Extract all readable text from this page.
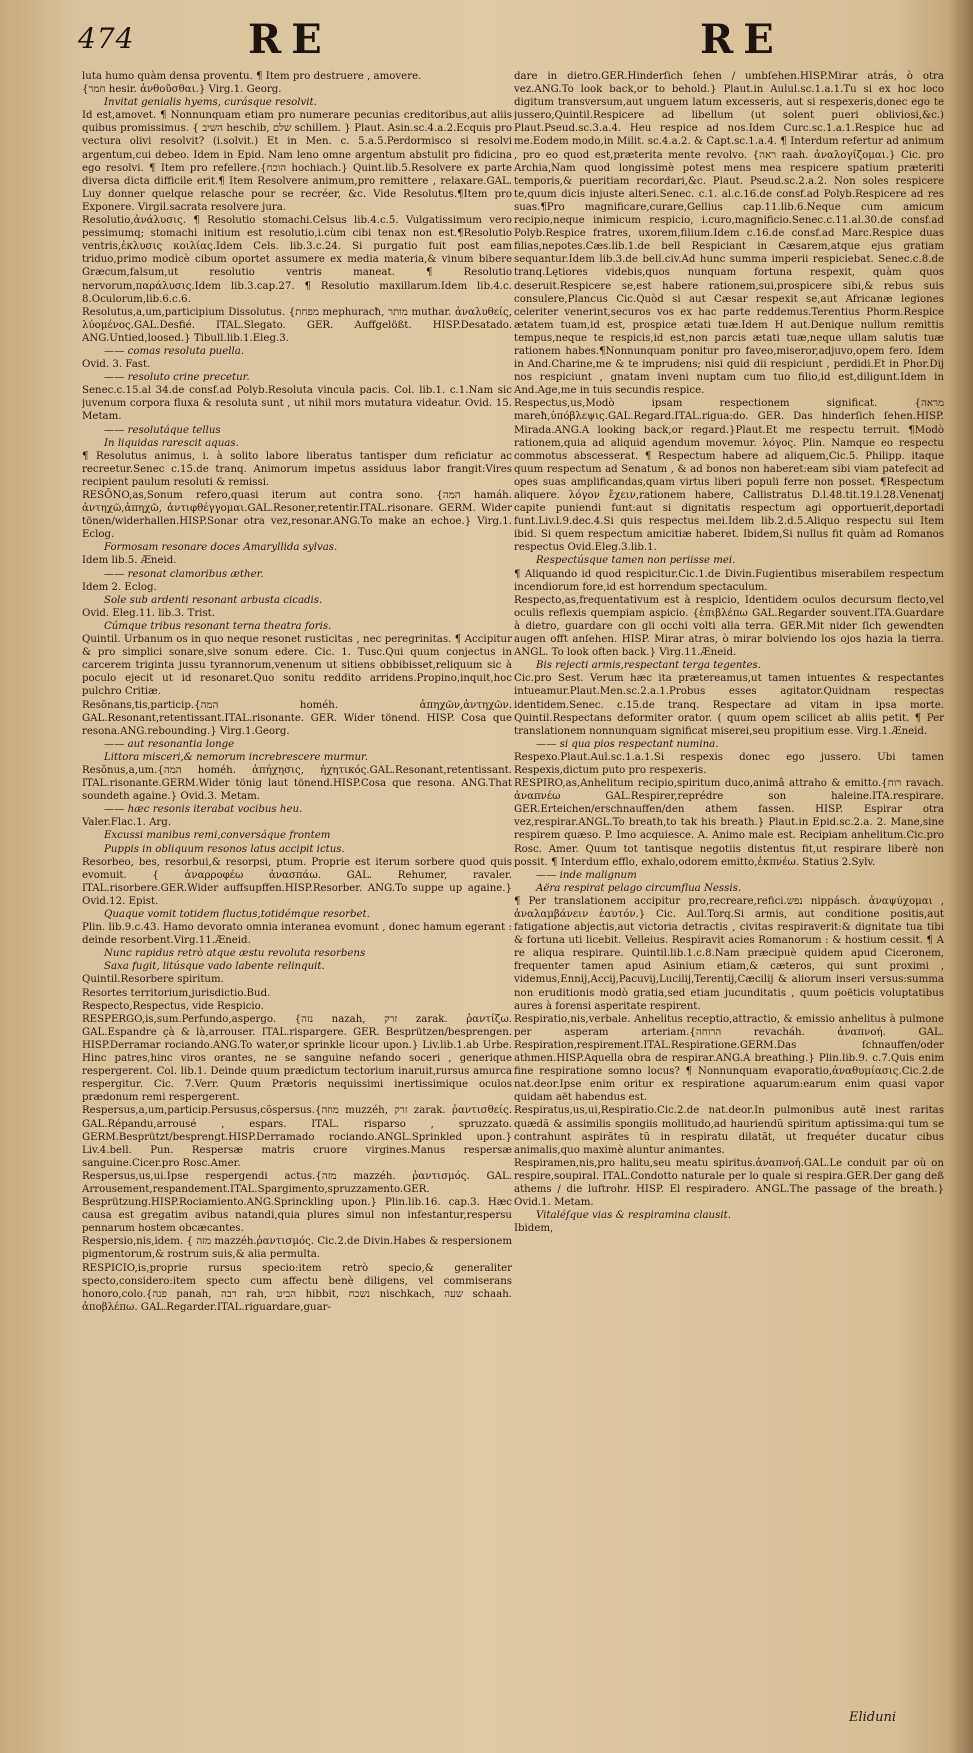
474	RE	RE

luta humo quàm densa proventu. ¶ Item pro destruere , amovere.

{חמר hesir. ἀνθοῦσθαι.} Virg.1. Georg.

Invitat genialis hyems, curásque resolvit.

Id est,amovet. ¶ Nonnunquam etiam pro numerare pecunias creditoribus,aut aliis quibus promissimus. { השיב heschib, שלם schillem. } Plaut. Asin.sc.4.a.2.Ecquis pro vectura olivi resolvit? (i.solvit.) Et in Men. c. 5.a.5.Perdormisco si resolvi argentum,cui debeo. Idem in Epid. Nam leno omne argentum abstulit pro fidicina ego resolvi. ¶ Item pro refellere.{הוכח hochiach.} Quint.lib.5.Resolvere ex parte diversa dicta difficile erit.¶ Item Resolvere animum,pro remittere , relaxare.GAL. Luy donner quelque relasche pour se recréer, &c. Vide Resolutus.¶Item pro Exponere. Virgil.sacrata resolvere jura.

Resolutio,ἀνάλυσις. ¶ Resolutio stomachi.Celsus lib.4.c.5. Vulgatissimum vero pessimumq; stomachi initium est resolutio,i.cùm cibi tenax non est.¶Resolutio ventris,ἐκλυσις κοιλίας.Idem Cels. lib.3.c.24. Si purgatio fuit post eam triduo,primo modicè cibum oportet assumere ex media materia,& vinum bibere Græcum,falsum,ut resolutio ventris maneat. ¶ Resolutio nervorum,παράλυσις.Idem lib.3.cap.27. ¶ Resolutio maxillarum.Idem lib.4.c. 8.Oculorum,lib.6.c.6.

Resolutus,a,um,participium Dissolutus. {מפחת mephuracħ, מותר muthar. ἀναλυθείς, λύομένος.GAL.Desfié. ITAL.Slegato. GER. Auffgelößt. HISP.Desatado. ANG.Untied,loosed.} Tibull.lib.1.Eleg.3.

—— comas resoluta puella.

Ovid. 3. Fast.

—— resoluto crine precetur.

Senec.c.15.al 34.de consf.ad Polyb.Resoluta vincula pacis. Col. lib.1. c.1.Nam sic juvenum corpora fluxa & resoluta sunt , ut nihil mors mutatura videatur. Ovid. 15. Metam.

—— resolutáque tellus

In liquidas rarescit aquas.

¶ Resolutus animus, i. à solito labore liberatus tantisper dum reficiatur ac recreetur.Senec c.15.de tranq. Animorum impetus assiduus labor frangit:Vires recipient paulum resoluti & remissi.

RESŌNO,as,Sonum refero,quasi iterum aut contra sono. {המה hamáh. ἀντηχῶ,ἀπηχῶ, ἀντιφθέγγομαι.GAL.Resoner,retentir.ITAL.risonare. GERM. Wider tönen/widerhallen.HISP.Sonar otra vez,resonar.ANG.To make an echoe.} Virg.1. Eclog.

Formosam resonare doces Amaryllida sylvas.

Idem lib.5. Æneid.

—— resonat clamoribus æther.

Idem 2. Eclog.

Sole sub ardenti resonant arbusta cicadis.

Ovid. Eleg.11. lib.3. Trist.

Cúmque tribus resonant terna theatra foris.

Quintil. Urbanum os in quo neque resonet rusticitas , nec peregrinitas. ¶ Accipitur & pro simplici sonare,sive sonum edere. Cic. 1. Tusc.Qui quum conjectus in carcerem triginta jussu tyrannorum,venenum ut sitiens obbibisset,reliquum sic à poculo ejecit ut id resonaret.Quo sonitu reddito arridens.Propino,inquit,hoc pulchro Critiæ.

Resŏnans,tis,particip.{המה homéh. ἀπηχῶν,ἀντηχῶν. GAL.Resonant,retentissant.ITAL.risonante. GER. Wider tönend. HISP. Cosa que resona.ANG.rebounding.} Virg.1.Georg.

—— aut resonantia longe

Littora misceri,& nemorum increbrescere murmur.

Resŏnus,a,um.{המה homéh. ἀπήχησις, ἠχητικός.GAL.Resonant,retentissant. ITAL.risonante.GERM.Wider tönig laut tönend.HISP.Cosa que resona. ANG.That soundeth againe.} Ovid.3. Metam.

—— hæc resonis iterabat vocibus heu.

Valer.Flac.1. Arg.

Excussi manibus remi,conversáque frontem

Puppis in obliquum resonos latus accipit ictus.

Resorbeo, bes, resorbui,& resorpsi, ptum. Proprie est iterum sorbere quod quis evomuit. { ἀναρροφέω ἀνασπάω. GAL. Rehumer, ravaler. ITAL.risorbere.GER.Wider auffsupffen.HISP.Resorber. ANG.To suppe up againe.} Ovid.12. Epist.

Quaque vomit totidem fluctus,totidémque resorbet.

Plin. lib.9.c.43. Hamo devorato omnia interanea evomunt , donec hamum egerant : deinde resorbent.Virg.11.Æneid.

Nunc rapidus retrò atque æstu revoluta resorbens

Saxa fugit, litúsque vado labente relinquit.

Quintil.Resorbere spiritum.

Resortes territorium,jurisdictio.Bud.

Respecto,Respectus, vide Respicio.

RESPERGO,is,sum.Perfundo,aspergo. {נזה nazah, זרק zarak. ῥαντίζω. GAL.Espandre çà & là,arrouser. ITAL.rispargere. GER. Besprützen/besprengen. HISP.Derramar rociando.ANG.To water,or sprinkle licour upon.} Liv.lib.1.ab Urbe. Hinc patres,hinc viros orantes, ne se sanguine nefando soceri , generique respergerent. Col. lib.1. Deinde quum prædictum tectorium inaruit,rursus amurca respergitur. Cic. 7.Verr. Quum Prætoris nequissimi inertissimique oculos prædonum remi respergerent.

Respersus,a,um,particip.Persusus,cõspersus.{מוזה muzzéh, זרק zarak. ῥαντισθείς. GAL.Répandu,arrousé , espars. ITAL. risparso , spruzzato. GERM.Besprützt/besprengt.HISP.Derramado rociando.ANGL.Sprinkled upon.} Liv.4.bell. Pun. Respersæ matris cruore virgines.Manus respersæ sanguine.Cicer.pro Rosc.Amer.

Respersus,us,ui.Ipse respergendi actus.{מזה mazzéh. ῥαντισμός. GAL. Arrousement,respandement.ITAL.Spargimento,spruzzamento.GER. Besprützung.HISP.Rociamiento.ANG.Sprinckling upon.} Plin.lib.16. cap.3. Hæc causa est gregatim avibus natandi,quia plures simul non infestantur,respersu pennarum hostem obcæcantes.

Respersio,nis,idem. { מזה mazzéh.ῥαντισμός. Cic.2.de Divin.Habes & respersionem pigmentorum,& rostrum suis,& alia permulta.

RESPICIO,is,proprie rursus specio:item retrò specio,& generaliter specto,considero:item specto cum affectu benè diligens, vel commiserans honoro,colo.{פנה panah, רבה rah, הביט hibbit, נשכח nischkach, שעה schaah. ἀποβλέπω. GAL.Regarder.ITAL.riguardare,guar-

dare in dietro.GER.Hinderſich ſehen / umbſehen.HISP.Mirar atrás, ò otra vez.ANG.To look back,or to behold.} Plaut.in Aulul.sc.1.a.1.Tu si ex hoc loco digitum transversum,aut unguem latum excesseris, aut si respexeris,donec ego te jussero,Quintil.Respicere ad libellum (ut solent pueri obliviosi,&c.) Plaut.Pseud.sc.3.a.4. Heu respice ad nos.Idem Curc.sc.1.a.1.Respice huc ad me.Eodem modo,in Milit. sc.4.a.2. & Capt.sc.1.a.4. ¶ Interdum refertur ad animum , pro eo quod est,præterita mente revolvo. {ראה raah. ἀναλογίζομαι.} Cic. pro Archia,Nam quod longissimè potest mens mea respicere spatium præteriti temporis,& pueritiam recordari,&c. Plaut. Pseud.sc.2.a.2. Non soles respicere te,quum dicis injuste alteri.Senec. c.1. al.c.16.de consf.ad Polyb.Respicere ad res suas.¶Pro magnificare,curare,Gellius cap.11.lib.6.Neque cum amicum recipio,neque inimicum respicio, i.curo,magnificio.Senec.c.11.al.30.de consf.ad Polyb.Respice fratres, uxorem,filium.Idem c.16.de consf.ad Marc.Respice duas filias,nepotes.Cæs.lib.1.de bell Respiciant in Cæsarem,atque ejus gratiam sequantur.Idem lib.3.de bell.civ.Ad hunc summa imperii respiciebat. Senec.c.8.de tranq.Lętiores videbis,quos nunquam fortuna respexit, quàm quos deseruit.Respicere se,est habere rationem,sui,prospicere sibi,& rebus suis consulere,Plancus Cic.Quòd si aut Cæsar respexit se,aut Africanæ legiones celeriter venerint,securos vos ex hac parte reddemus.Terentius Phorm.Respice ætatem tuam,id est, prospice ætati tuæ.Idem H aut.Denique nullum remittis tempus,neque te respicis,id est,non parcis ætati tuæ,neque ullam salutis tuæ rationem habes.¶Nonnunquam ponitur pro faveo,miseror,adjuvo,opem fero. Idem in And.Charine,me & te imprudens; nisi quid dii respiciunt , perdidi.Et in Phor.Dij nos respiciunt , gnatam inveni nuptam cum tuo filio,id est,diligunt.Idem in And.Age,me in tuis secundis respice.

Respectus,us,Modò ipsam respectionem significat. {מראה mareħ,ὑπόβλεψις.GAL.Regard.ITAL.rigua:do. GER. Das hinderſich ſehen.HISP. Mirada.ANG.A looking back,or regard.}Plaut.Et me respectu terruit. ¶Modò rationem,quia ad aliquid agendum movemur. λόγος. Plin. Namque eo respectu commotus abscesserat. ¶ Respectum habere ad aliquem,Cic.5. Philipp. itaque quum respectum ad Senatum , & ad bonos non haberet:eam sibi viam patefecit ad opes suas amplificandas,quam virtus liberi populi ferre non posset. ¶Respectum aliquere. λόγον ἔχειν,rationem habere, Callistratus D.l.48.tit.19.l.28.Venenatj capite puniendi funt:aut si dignitatis respectum agi opportuerit,deportadi funt.Liv.l.9.dec.4.Si quis respectus mei.Idem lib.2.d.5.Aliquo respectu sui Item ibid. Si quem respectum amicitiæ haberet. Ibidem,Si nullus fit quàm ad Romanos respectus Ovid.Eleg.3.lib.1.

Respectúsque tamen non periisse mei.

¶ Aliquando id quod respicitur.Cic.1.de Divin.Fugientibus miserabilem respectum incendiorum fore,id est horrendum spectaculum.

Respecto,as,frequentativum est à respicio, Identidem oculos decursum flecto,vel oculis reflexis quempiam aspicio. {ἐπιβλέπω GAL.Regarder souvent.ITA.Guardare à dietro, guardare con gli occhi volti alla terra. GER.Mit nider ſich gewendten augen offt anſehen. HISP. Mirar atras, ò mirar bolviendo los ojos hazia la tierra. ANGL. To look often back.} Virg.11.Æneid.

Bis rejecti armis,respectant terga tegentes.

Cic.pro Sest. Verum hæc ita prætereamus,ut tamen intuentes & respectantes intueamur.Plaut.Men.sc.2.a.1.Probus esses agitator.Quidnam respectas identidem.Senec. c.15.de tranq. Respectare ad vitam in ipsa morte. Quintil.Respectans deformiter orator. ( quum opem scilicet ab aliis petit. ¶ Per translationem nonnunquam significat miserei,seu propitium esse. Virg.1.Æneid.

—— si qua pios respectant numina.

Respexo.Plaut.Aul.sc.1.a.1.Si respexis donec ego jussero. Ubi tamen Respexis,dictum puto pro respexeris.

RESPIRO,as,Anhelitum recipio,spiritum duco,animâ attraho & emitto.{רוח ravach. ἀναπνέω GAL.Respirer,reprédre son haleine.ITA.respirare. GER.Erteichen/erschnauffen/den athem fassen. HISP. Espirar otra vez,respirar.ANGL.To breath,to tak his breath.} Plaut.in Epid.sc.2.a. 2. Mane,sine respirem quæso. P. Imo acquiesce. A. Animo male est. Recipiam anhelitum.Cic.pro Rosc. Amer. Quum tot tantisque negotiis distentus fit,ut respirare liberè non possit. ¶ Interdum efflo, exhalo,odorem emitto,ἐκπνέω. Statius 2.Sylv.

—— inde malignum

Aëra respirat pelago circumflua Nessis.

¶ Per translationem accipitur pro,recreare,refici.נפש nippásch. ἀναψύχομαι , ἀναλαμβάνειν ἑαυτόν.} Cic. Aul.Torq.Si armis, aut conditione positis,aut fatigatione abjectis,aut victoria detractis , civitas respiraverit:& dignitate tua tibi & fortuna uti licebit. Velleius. Respiravit acies Romanorum : & hostium cessit. ¶ A re aliqua respirare. Quintil.lib.1.c.8.Nam præcipuè quidem apud Ciceronem, frequenter tamen apud Asinium etiam,& cæteros, qui sunt proximi , videmus,Ennij,Accij,Pacuvij,Lucilij,Terentij,Cæcilij & aliorum inseri versus:summa non eruditionis modò gratia,sed etiam jucunditatis , quum poëticis voluptatibus aures à forensi asperitate respirent.

Respiratio,nis,verbale. Anhelitus receptio,attractio, & emissio anhelitus à pulmone per asperam arteriam.{הרוחה revacháh. ἀναπνοή. GAL. Respiration,respirement.ITAL.Respiratione.GERM.Das ſchnauffen/oder athmen.HISP.Aquella obra de respirar.ANG.A breathing.} Plin.lib.9. c.7.Quis enim fine respiratione somno locus? ¶ Nonnunquam evaporatio,ἀναθυμίασις.Cic.2.de nat.deor.Ipse enim oritur ex respiratione aquarum:earum enim quasi vapor quidam aët habendus est.

Respiratus,us,ui,Respiratio.Cic.2.de nat.deor.In pulmonibus autẽ inest raritas quædã & assimilis spongiis mollitudo,ad hauriendũ spiritum aptissima:qui tum se contrahunt aspirãtes tũ in respiratu dilatãt, ut frequéter ducatur cibus animalis,quo maximè aluntur animantes.

Respiramen,nis,pro halitu,seu meatu spiritus.ἀναπνοή.GAL.Le conduit par où on respire,soupiral. ITAL.Condotto naturale per lo quale si respira.GER.Der gang deß athems / die luftrohr. HISP. El respiradero. ANGL.The passage of the breath.} Ovid.1. Metam.

Vitaléſque vias & respiramina clausit.

Ibidem,

Eliduni
